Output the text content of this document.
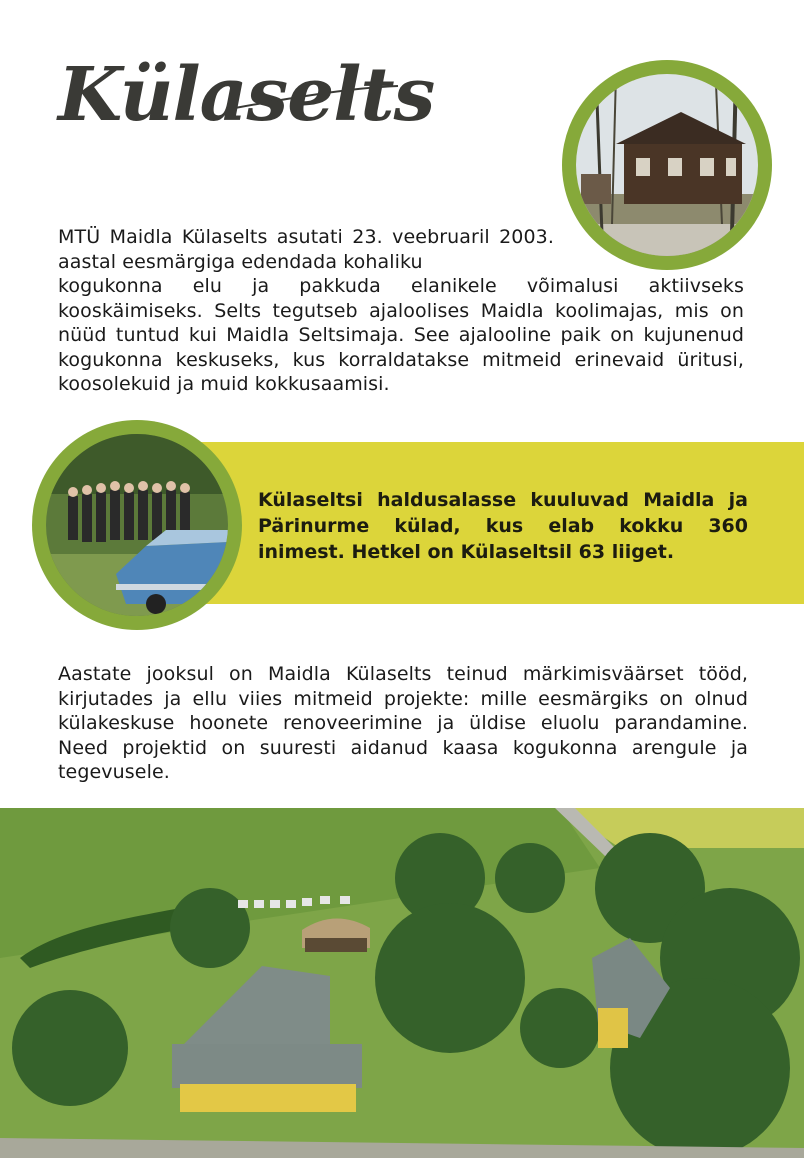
Külaselts

MTÜ Maidla Külaselts asutati 23. veebruaril 2003. aastal eesmärgiga edendada kohaliku

kogukonna elu ja pakkuda elanikele võimalusi aktiivseks kooskäimiseks. Selts tegutseb ajaloolises Maidla koolimajas, mis on nüüd tuntud kui Maidla Seltsimaja. See ajalooline paik on kujunenud kogukonna keskuseks, kus korraldatakse mitmeid erinevaid üritusi, koosolekuid ja muid kokkusaamisi.

Külaseltsi haldusalasse kuuluvad Maidla ja Pärinurme külad, kus elab kokku 360 inimest. Hetkel on Külaseltsil 63 liiget.

Aastate jooksul on Maidla Külaselts teinud märkimisväärset tööd, kirjutades ja ellu viies mitmeid projekte: mille eesmärgiks on olnud külakeskuse hoonete renoveerimine ja üldise eluolu parandamine. Need projektid on suuresti aidanud kaasa kogukonna arengule ja tegevusele.
